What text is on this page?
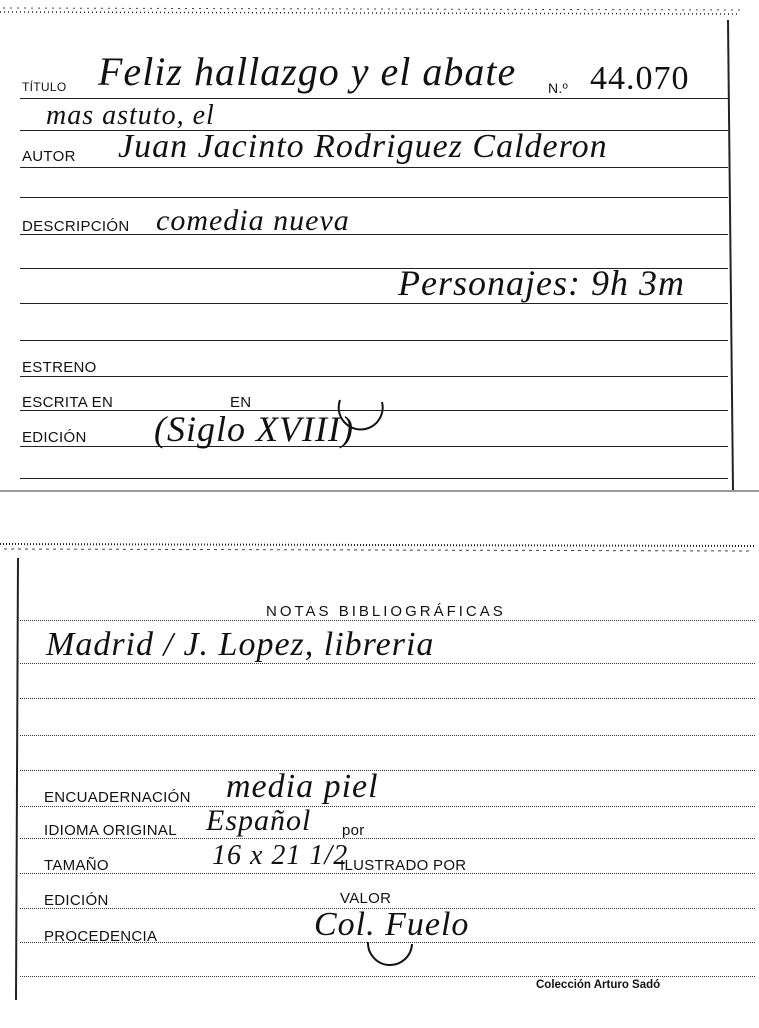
TÍTULO Feliz hallazgo y el abate N.º 44.070
mas astuto, el
AUTOR Juan Jacinto Rodriguez Calderon
DESCRIPCIÓN comedia nueva
Personajes: 9h 3m
ESTRENO
ESCRITA EN	EN
EDICIÓN (Siglo XVIII)
NOTAS BIBLIOGRÁFICAS
Madrid / J. Lopez, libreria
ENCUADERNACIÓN media piel
IDIOMA ORIGINAL Español por
TAMAÑO	16 x 21 1/2
ILUSTRADO POR
EDICIÓN	VALOR
PROCEDENCIA	Col. Fuelo
Colección Arturo Sadó
